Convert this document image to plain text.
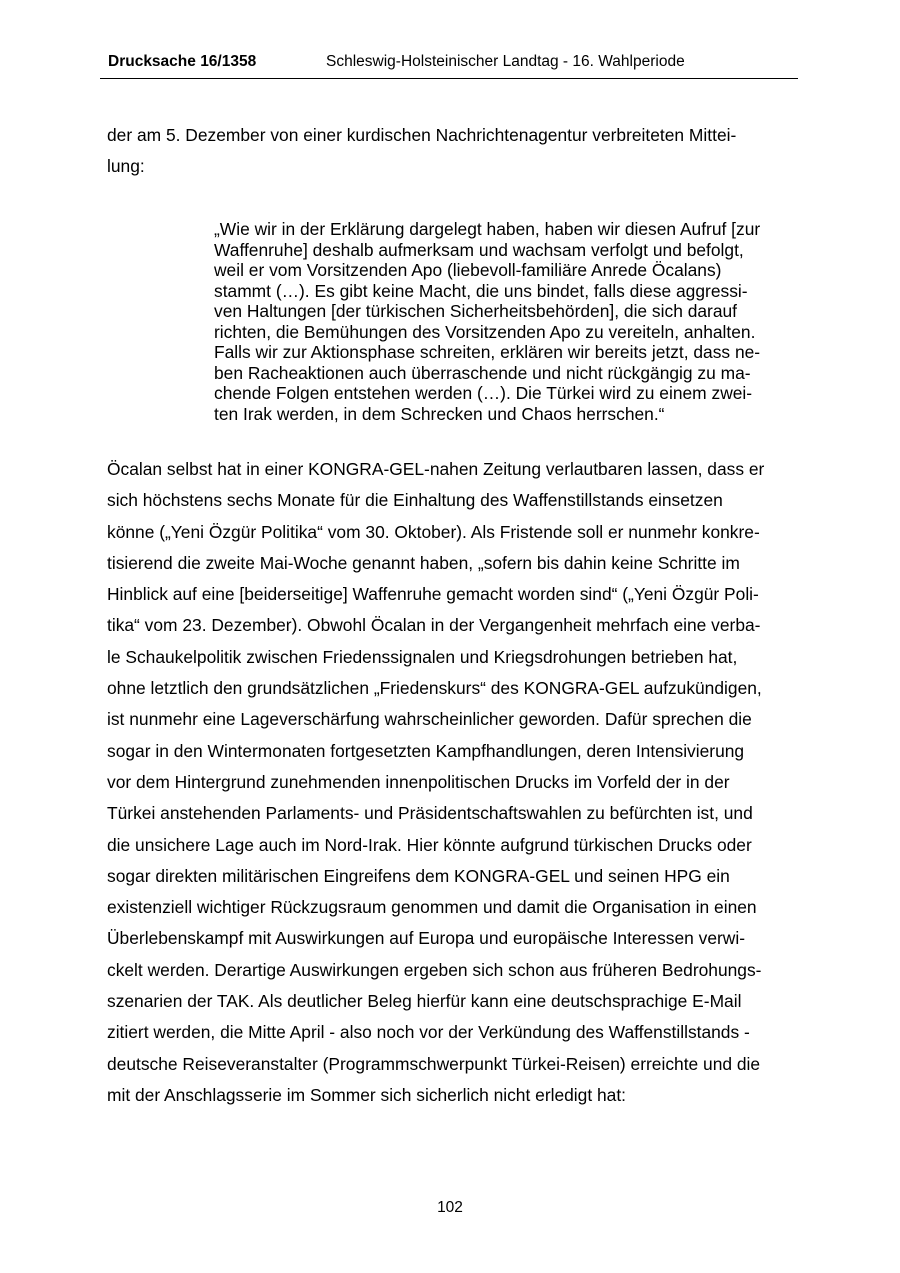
Drucksache 16/1358	Schleswig-Holsteinischer Landtag - 16. Wahlperiode
der am 5. Dezember von einer kurdischen Nachrichtenagentur verbreiteten Mittei-
lung:
„Wie wir in der Erklärung dargelegt haben, haben wir diesen Aufruf [zur
Waffenruhe] deshalb aufmerksam und wachsam verfolgt und befolgt,
weil er vom Vorsitzenden Apo (liebevoll-familiäre Anrede Öcalans)
stammt (…). Es gibt keine Macht, die uns bindet, falls diese aggressi-
ven Haltungen [der türkischen Sicherheitsbehörden], die sich darauf
richten, die Bemühungen des Vorsitzenden Apo zu vereiteln, anhalten.
Falls wir zur Aktionsphase schreiten, erklären wir bereits jetzt, dass ne-
ben Racheaktionen auch überraschende und nicht rückgängig zu ma-
chende Folgen entstehen werden (…). Die Türkei wird zu einem zwei-
ten Irak werden, in dem Schrecken und Chaos herrschen.“
Öcalan selbst hat in einer KONGRA-GEL-nahen Zeitung verlautbaren lassen, dass er
sich höchstens sechs Monate für die Einhaltung des Waffenstillstands einsetzen
könne („Yeni Özgür Politika“ vom 30. Oktober). Als Fristende soll er nunmehr konkre-
tisierend die zweite Mai-Woche genannt haben, „sofern bis dahin keine Schritte im
Hinblick auf eine [beiderseitige] Waffenruhe gemacht worden sind“ („Yeni Özgür Poli-
tika“ vom 23. Dezember). Obwohl Öcalan in der Vergangenheit mehrfach eine verba-
le Schaukelpolitik zwischen Friedenssignalen und Kriegsdrohungen betrieben hat,
ohne letztlich den grundsätzlichen „Friedenskurs“ des KONGRA-GEL aufzukündigen,
ist nunmehr eine Lageverschärfung wahrscheinlicher geworden. Dafür sprechen die
sogar in den Wintermonaten fortgesetzten Kampfhandlungen, deren Intensivierung
vor dem Hintergrund zunehmenden innenpolitischen Drucks im Vorfeld der in der
Türkei anstehenden Parlaments- und Präsidentschaftswahlen zu befürchten ist, und
die unsichere Lage auch im Nord-Irak. Hier könnte aufgrund türkischen Drucks oder
sogar direkten militärischen Eingreifens dem KONGRA-GEL und seinen HPG ein
existenziell wichtiger Rückzugsraum genommen und damit die Organisation in einen
Überlebenskampf mit Auswirkungen auf Europa und europäische Interessen verwi-
ckelt werden. Derartige Auswirkungen ergeben sich schon aus früheren Bedrohungs-
szenarien der TAK. Als deutlicher Beleg hierfür kann eine deutschsprachige E-Mail
zitiert werden, die Mitte April - also noch vor der Verkündung des Waffenstillstands -
deutsche Reiseveranstalter (Programmschwerpunkt Türkei-Reisen) erreichte und die
mit der Anschlagsserie im Sommer sich sicherlich nicht erledigt hat:
102
